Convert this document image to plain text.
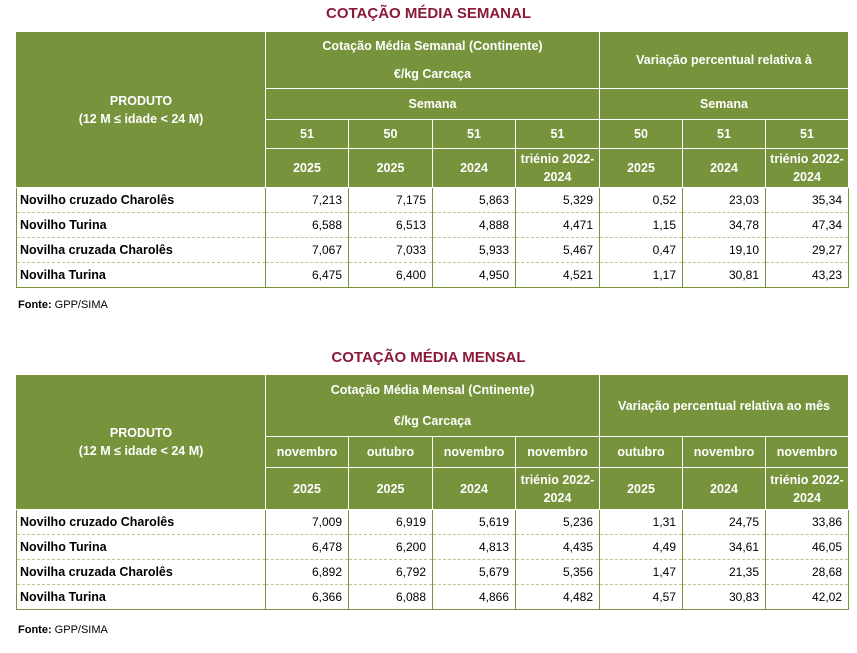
COTAÇÃO MÉDIA SEMANAL
PRODUTO
(12 M ≤ idade < 24 M)	Cotação Média Semanal (Continente)				Variação percentual relativa à		
	€/kg Carcaça						
	Semana				Semana		
	51	50	51	51	50	51	51
	2025	2025	2024	triénio 2022-2024	2025	2024	triénio 2022-2024
Novilho cruzado Charolês	7,213	7,175	5,863	5,329	0,52	23,03	35,34
Novilho Turina	6,588	6,513	4,888	4,471	1,15	34,78	47,34
Novilha cruzada Charolês	7,067	7,033	5,933	5,467	0,47	19,10	29,27
Novilha Turina	6,475	6,400	4,950	4,521	1,17	30,81	43,23
Fonte: GPP/SIMA
COTAÇÃO MÉDIA MENSAL
PRODUTO
(12 M ≤ idade < 24 M)	Cotação Média Mensal (Cntinente)				Variação percentual relativa ao mês		
	€/kg Carcaça						
	novembro	outubro	novembro	novembro	outubro	novembro	novembro
	2025	2025	2024	triénio 2022-2024	2025	2024	triénio 2022-2024
Novilho cruzado Charolês	7,009	6,919	5,619	5,236	1,31	24,75	33,86
Novilho Turina	6,478	6,200	4,813	4,435	4,49	34,61	46,05
Novilha cruzada Charolês	6,892	6,792	5,679	5,356	1,47	21,35	28,68
Novilha Turina	6,366	6,088	4,866	4,482	4,57	30,83	42,02
Fonte: GPP/SIMA
